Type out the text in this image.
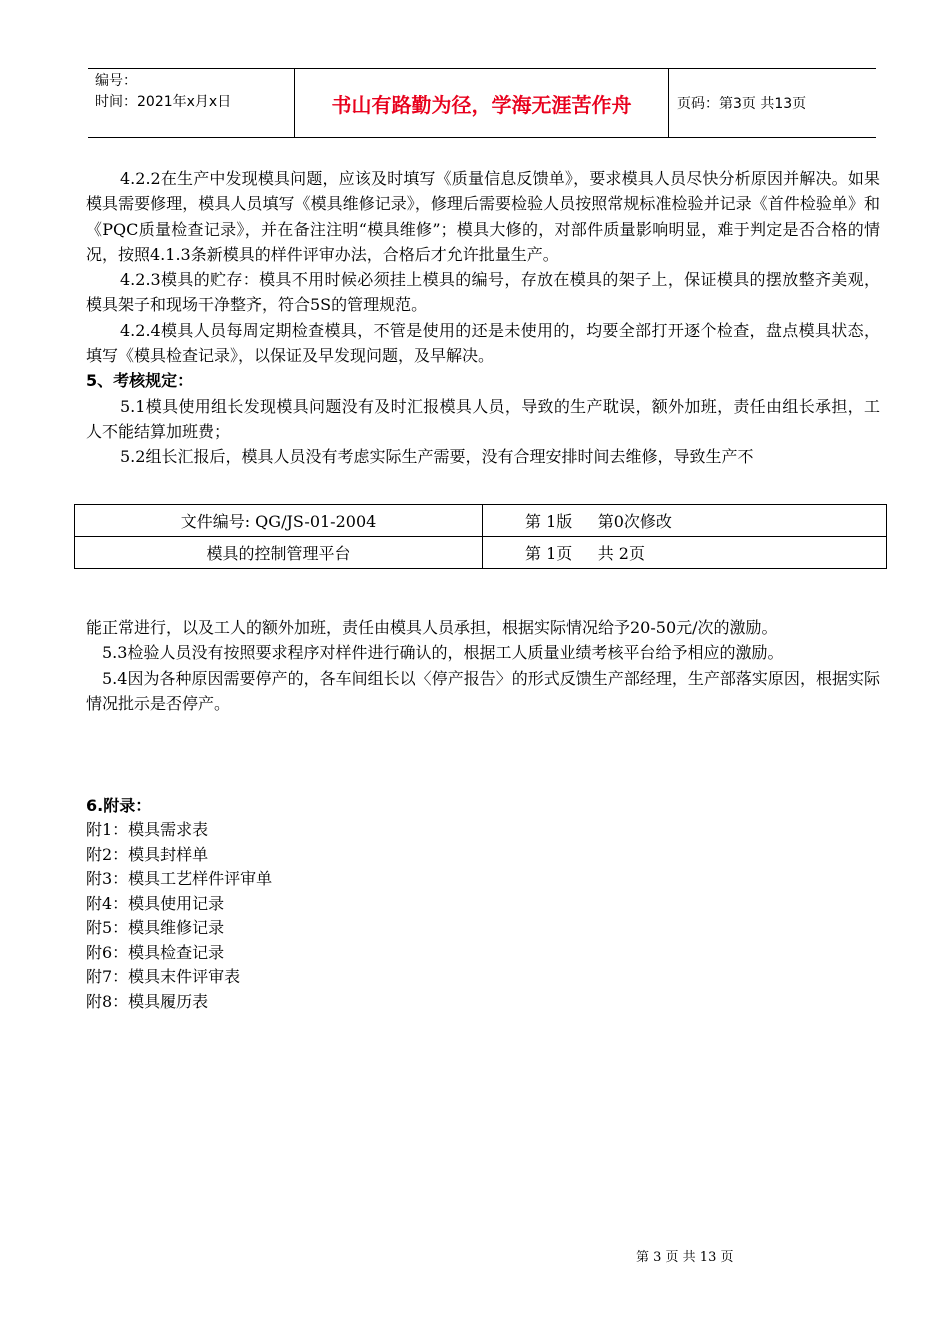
编号：
时间：2021年x月x日	书山有路勤为径，学海无涯苦作舟	页码：第3页 共13页

4.2.2在生产中发现模具问题，应该及时填写《质量信息反馈单》，要求模具人员尽快分析原因并解决。如果模具需要修理，模具人员填写《模具维修记录》，修理后需要检验人员按照常规标准检验并记录《首件检验单》和《PQC质量检查记录》，并在备注注明“模具维修”；模具大修的，对部件质量影响明显，难于判定是否合格的情况，按照4.1.3条新模具的样件评审办法，合格后才允许批量生产。

4.2.3模具的贮存：模具不用时候必须挂上模具的编号，存放在模具的架子上，保证模具的摆放整齐美观，模具架子和现场干净整齐，符合5S的管理规范。

4.2.4模具人员每周定期检查模具，不管是使用的还是未使用的，均要全部打开逐个检查，盘点模具状态，填写《模具检查记录》，以保证及早发现问题，及早解决。

5、考核规定：

5.1模具使用组长发现模具问题没有及时汇报模具人员，导致的生产耽误，额外加班，责任由组长承担，工人不能结算加班费；

5.2组长汇报后，模具人员没有考虑实际生产需要，没有合理安排时间去维修，导致生产不

文件编号: QG/JS-01-2004	第 1版     第0次修改
模具的控制管理平台	第 1页     共 2页

能正常进行，以及工人的额外加班，责任由模具人员承担，根据实际情况给予20-50元/次的激励。

5.3检验人员没有按照要求程序对样件进行确认的，根据工人质量业绩考核平台给予相应的激励。

5.4因为各种原因需要停产的，各车间组长以〈停产报告〉的形式反馈生产部经理，生产部落实原因，根据实际情况批示是否停产。

6.附录：
附1：模具需求表
附2：模具封样单
附3：模具工艺样件评审单
附4：模具使用记录
附5：模具维修记录
附6：模具检查记录
附7：模具末件评审表
附8：模具履历表
第 3 页 共 13 页
